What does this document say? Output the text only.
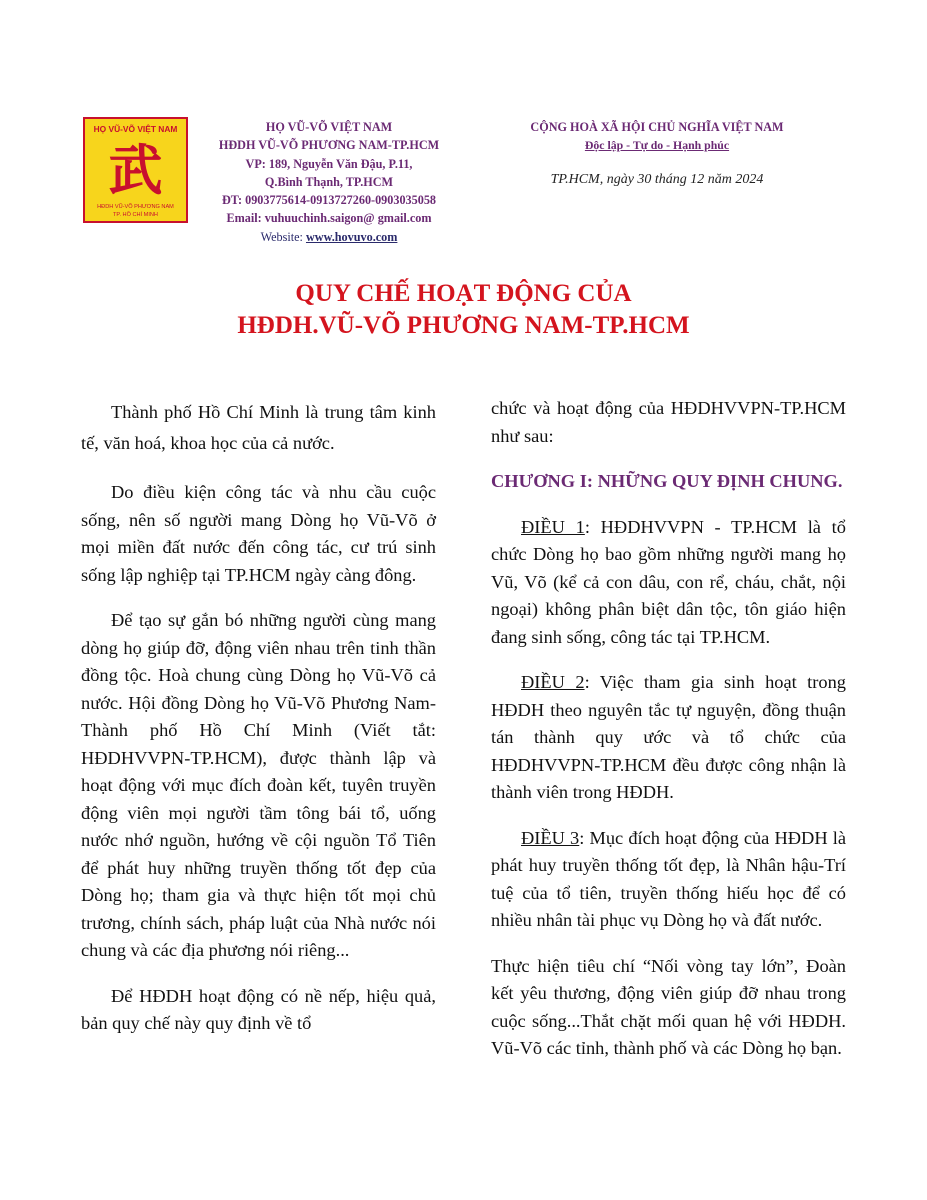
HỌ VŨ-VÕ VIỆT NAM
武
HĐDH VŨ-VÕ PHƯƠNG NAM
TP. HỒ CHÍ MINH
HỌ VŨ-VÕ VIỆT NAM
HĐDH VŨ-VÕ PHƯƠNG NAM-TP.HCM
VP: 189, Nguyễn Văn Đậu, P.11,
Q.Bình Thạnh, TP.HCM
ĐT: 0903775614-0913727260-0903035058
Email: vuhuuchinh.saigon@ gmail.com
Website: www.hovuvo.com
CỘNG HOÀ XÃ HỘI CHỦ NGHĨA VIỆT NAM
Độc lập - Tự do - Hạnh phúc
TP.HCM, ngày 30 tháng 12 năm 2024
QUY CHẾ HOẠT ĐỘNG CỦA
HĐDH.VŨ-VÕ PHƯƠNG NAM-TP.HCM

Thành phố Hồ Chí Minh là trung tâm kinh tế, văn hoá, khoa học của cả nước.

Do điều kiện công tác và nhu cầu cuộc sống, nên số người mang Dòng họ Vũ-Võ ở mọi miền đất nước đến công tác, cư trú sinh sống lập nghiệp tại TP.HCM ngày càng đông.

Để tạo sự gắn bó những người cùng mang dòng họ giúp đỡ, động viên nhau trên tinh thần đồng tộc. Hoà chung cùng Dòng họ Vũ-Võ cả nước. Hội đồng Dòng họ Vũ-Võ Phương Nam-Thành phố Hồ Chí Minh (Viết tắt: HĐDHVVPN-TP.HCM), được thành lập và hoạt động với mục đích đoàn kết, tuyên truyền động viên mọi người tầm tông bái tổ, uống nước nhớ nguồn, hướng về cội nguồn Tổ Tiên để phát huy những truyền thống tốt đẹp của Dòng họ; tham gia và thực hiện tốt mọi chủ trương, chính sách, pháp luật của Nhà nước nói chung và các địa phương nói riêng...

Để HĐDH hoạt động có nề nếp, hiệu quả, bản quy chế này quy định về tổ

chức và hoạt động của HĐDHVVPN-TP.HCM như sau:

CHƯƠNG I: NHỮNG QUY ĐỊNH CHUNG.

ĐIỀU 1: HĐDHVVPN - TP.HCM là tổ chức Dòng họ bao gồm những người mang họ Vũ, Võ (kể cả con dâu, con rể, cháu, chắt, nội ngoại) không phân biệt dân tộc, tôn giáo hiện đang sinh sống, công tác tại TP.HCM.

ĐIỀU 2: Việc tham gia sinh hoạt trong HĐDH theo nguyên tắc tự nguyện, đồng thuận tán thành quy ước và tổ chức của HĐDHVVPN-TP.HCM đều được công nhận là thành viên trong HĐDH.

ĐIỀU 3: Mục đích hoạt động của HĐDH là phát huy truyền thống tốt đẹp, là Nhân hậu-Trí tuệ của tổ tiên, truyền thống hiếu học để có nhiều nhân tài phục vụ Dòng họ và đất nước.

Thực hiện tiêu chí “Nối vòng tay lớn”, Đoàn kết yêu thương, động viên giúp đỡ nhau trong cuộc sống...Thắt chặt mối quan hệ với HĐDH. Vũ-Võ các tỉnh, thành phố và các Dòng họ bạn.
